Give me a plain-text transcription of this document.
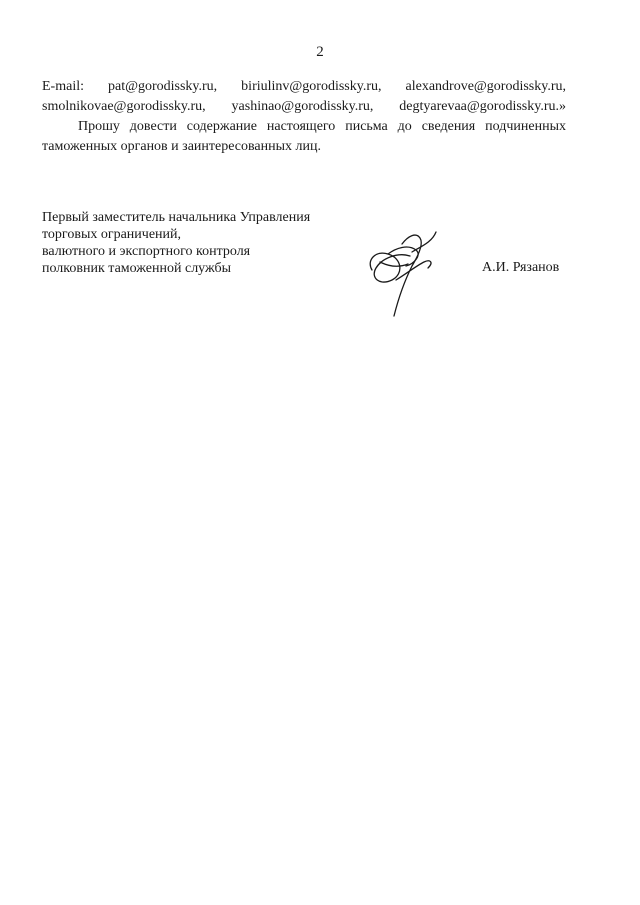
2
E-mail: pat@gorodissky.ru, biriulinv@gorodissky.ru, alexandrove@gorodissky.ru,
smolnikovae@gorodissky.ru, yashinao@gorodissky.ru, degtyarevaa@gorodissky.ru.»
Прошу довести содержание настоящего письма до сведения подчиненных
таможенных органов и заинтересованных лиц.
Первый заместитель начальника Управления
торговых ограничений,
валютного и экспортного контроля
полковник таможенной службы	А.И. Рязанов
